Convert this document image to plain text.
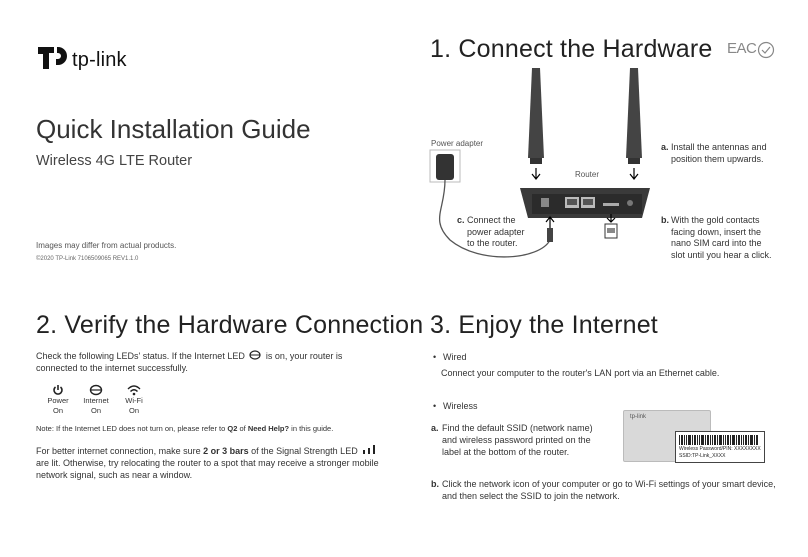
tp-link
Quick Installation Guide
Wireless 4G LTE Router
Images may differ from actual products.
©2020 TP-Link 7106509065 REV1.1.0
1. Connect the Hardware EAC
Power adapter
Router
a. Install the antennas and
position them upwards.
b. With the gold contacts
facing down, insert the
nano SIM card into the
slot until you hear a click.
c. Connect the
power adapter
to the router.
2. Verify the Hardware Connection
Check the following LEDs' status. If the Internet LED is on, your router is
connected to the internet successfully.
Power
On
Internet
On
Wi-Fi
On
Note: If the Internet LED does not turn on, please refer to Q2 of Need Help? in this guide.
For better internet connection, make sure 2 or 3 bars of the Signal Strength LED
are lit. Otherwise, try relocating the router to a spot that may receive a stronger mobile
network signal, such as near a window.
3. Enjoy the Internet
Wired
Connect your computer to the router's LAN port via an Ethernet cable.
Wireless
a. Find the default SSID (network name)
and wireless password printed on the
label at the bottom of the router.
tp-link
Wireless Password/PIN: XXXXXXXX
SSID:TP-Link_XXXX
b. Click the network icon of your computer or go to Wi-Fi settings of your smart device,
and then select the SSID to join the network.
